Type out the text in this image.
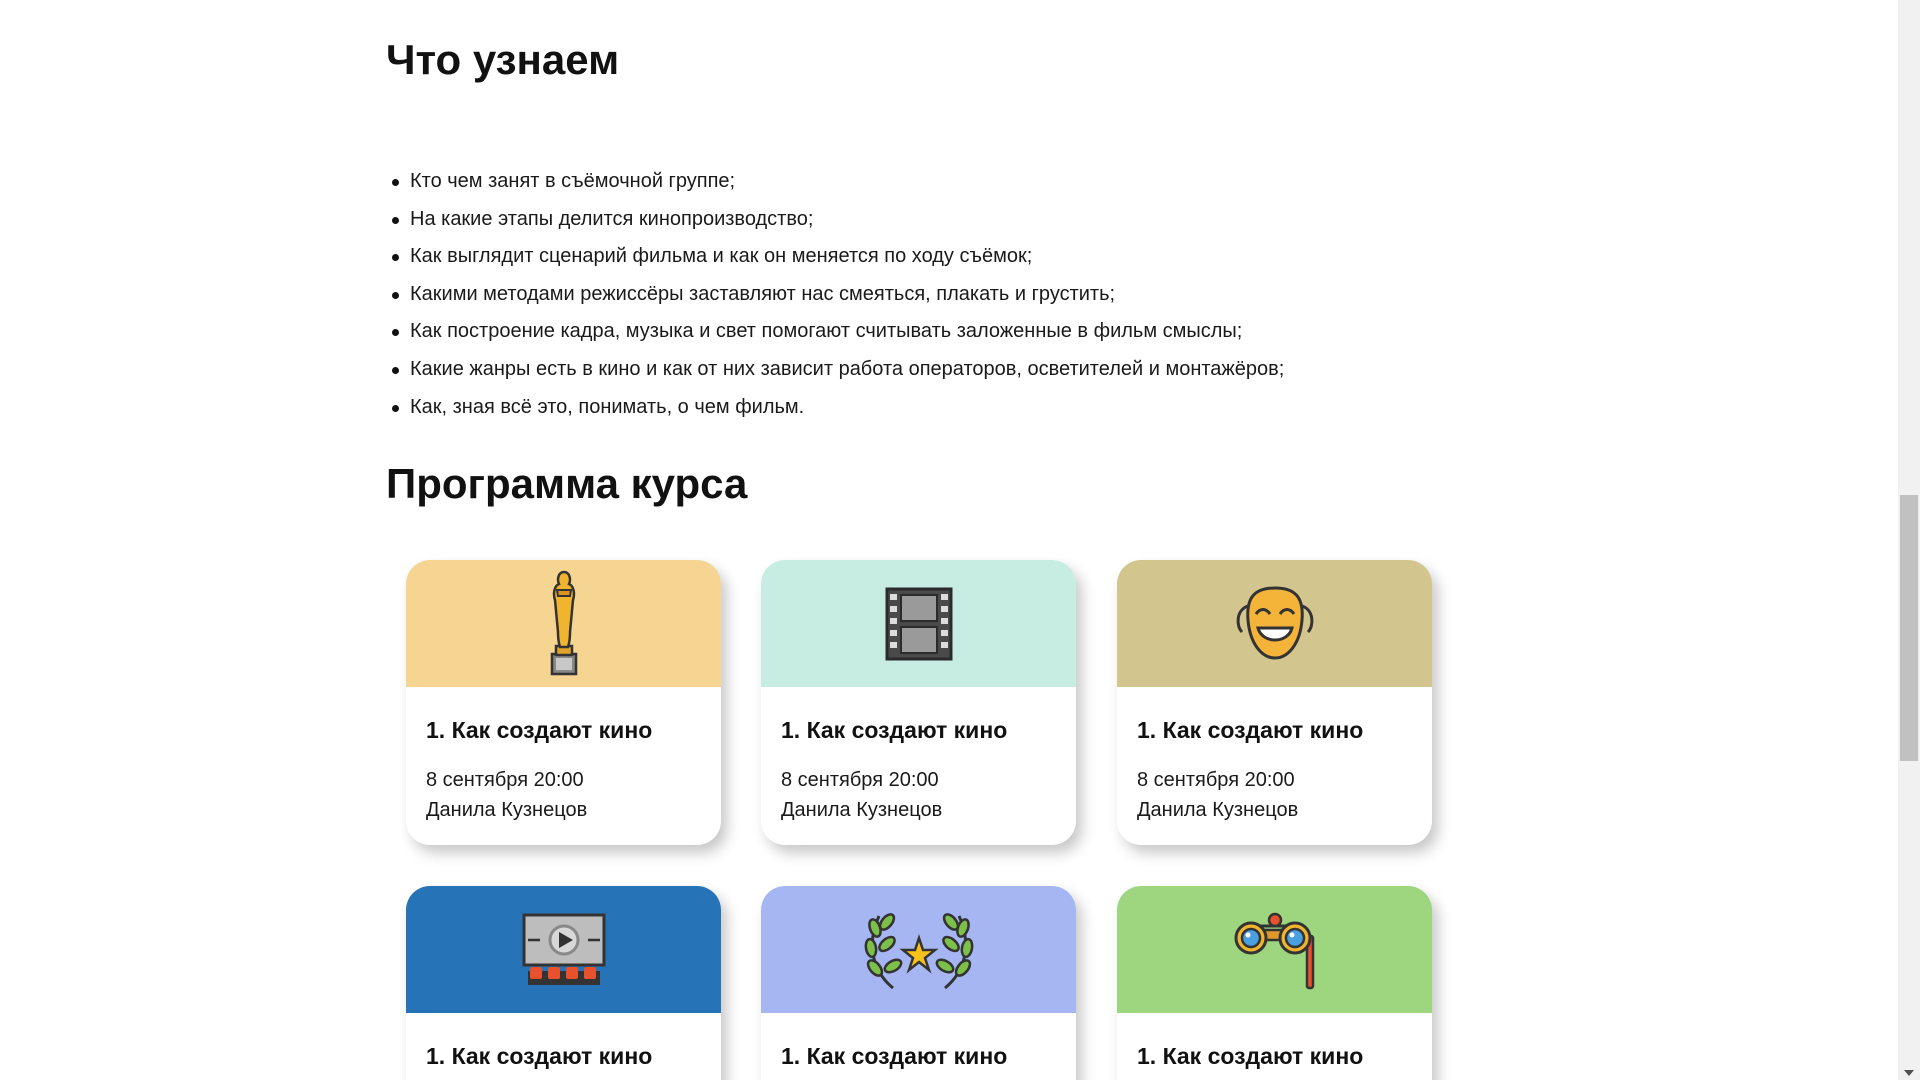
Что узнаем
Кто чем занят в съёмочной группе;
На какие этапы делится кинопроизводство;
Как выглядит сценарий фильма и как он меняется по ходу съёмок;
Какими методами режиссёры заставляют нас смеяться, плакать и грустить;
Как построение кадра, музыка и свет помогают считывать заложенные в фильм смыслы;
Какие жанры есть в кино и как от них зависит работа операторов, осветителей и монтажёров;
Как, зная всё это, понимать, о чем фильм.
Программа курса
1. Как создают кино
8 сентября 20:00
Данила Кузнецов
1. Как создают кино
8 сентября 20:00
Данила Кузнецов
1. Как создают кино
8 сентября 20:00
Данила Кузнецов
1. Как создают кино	1. Как создают кино	1. Как создают кино
